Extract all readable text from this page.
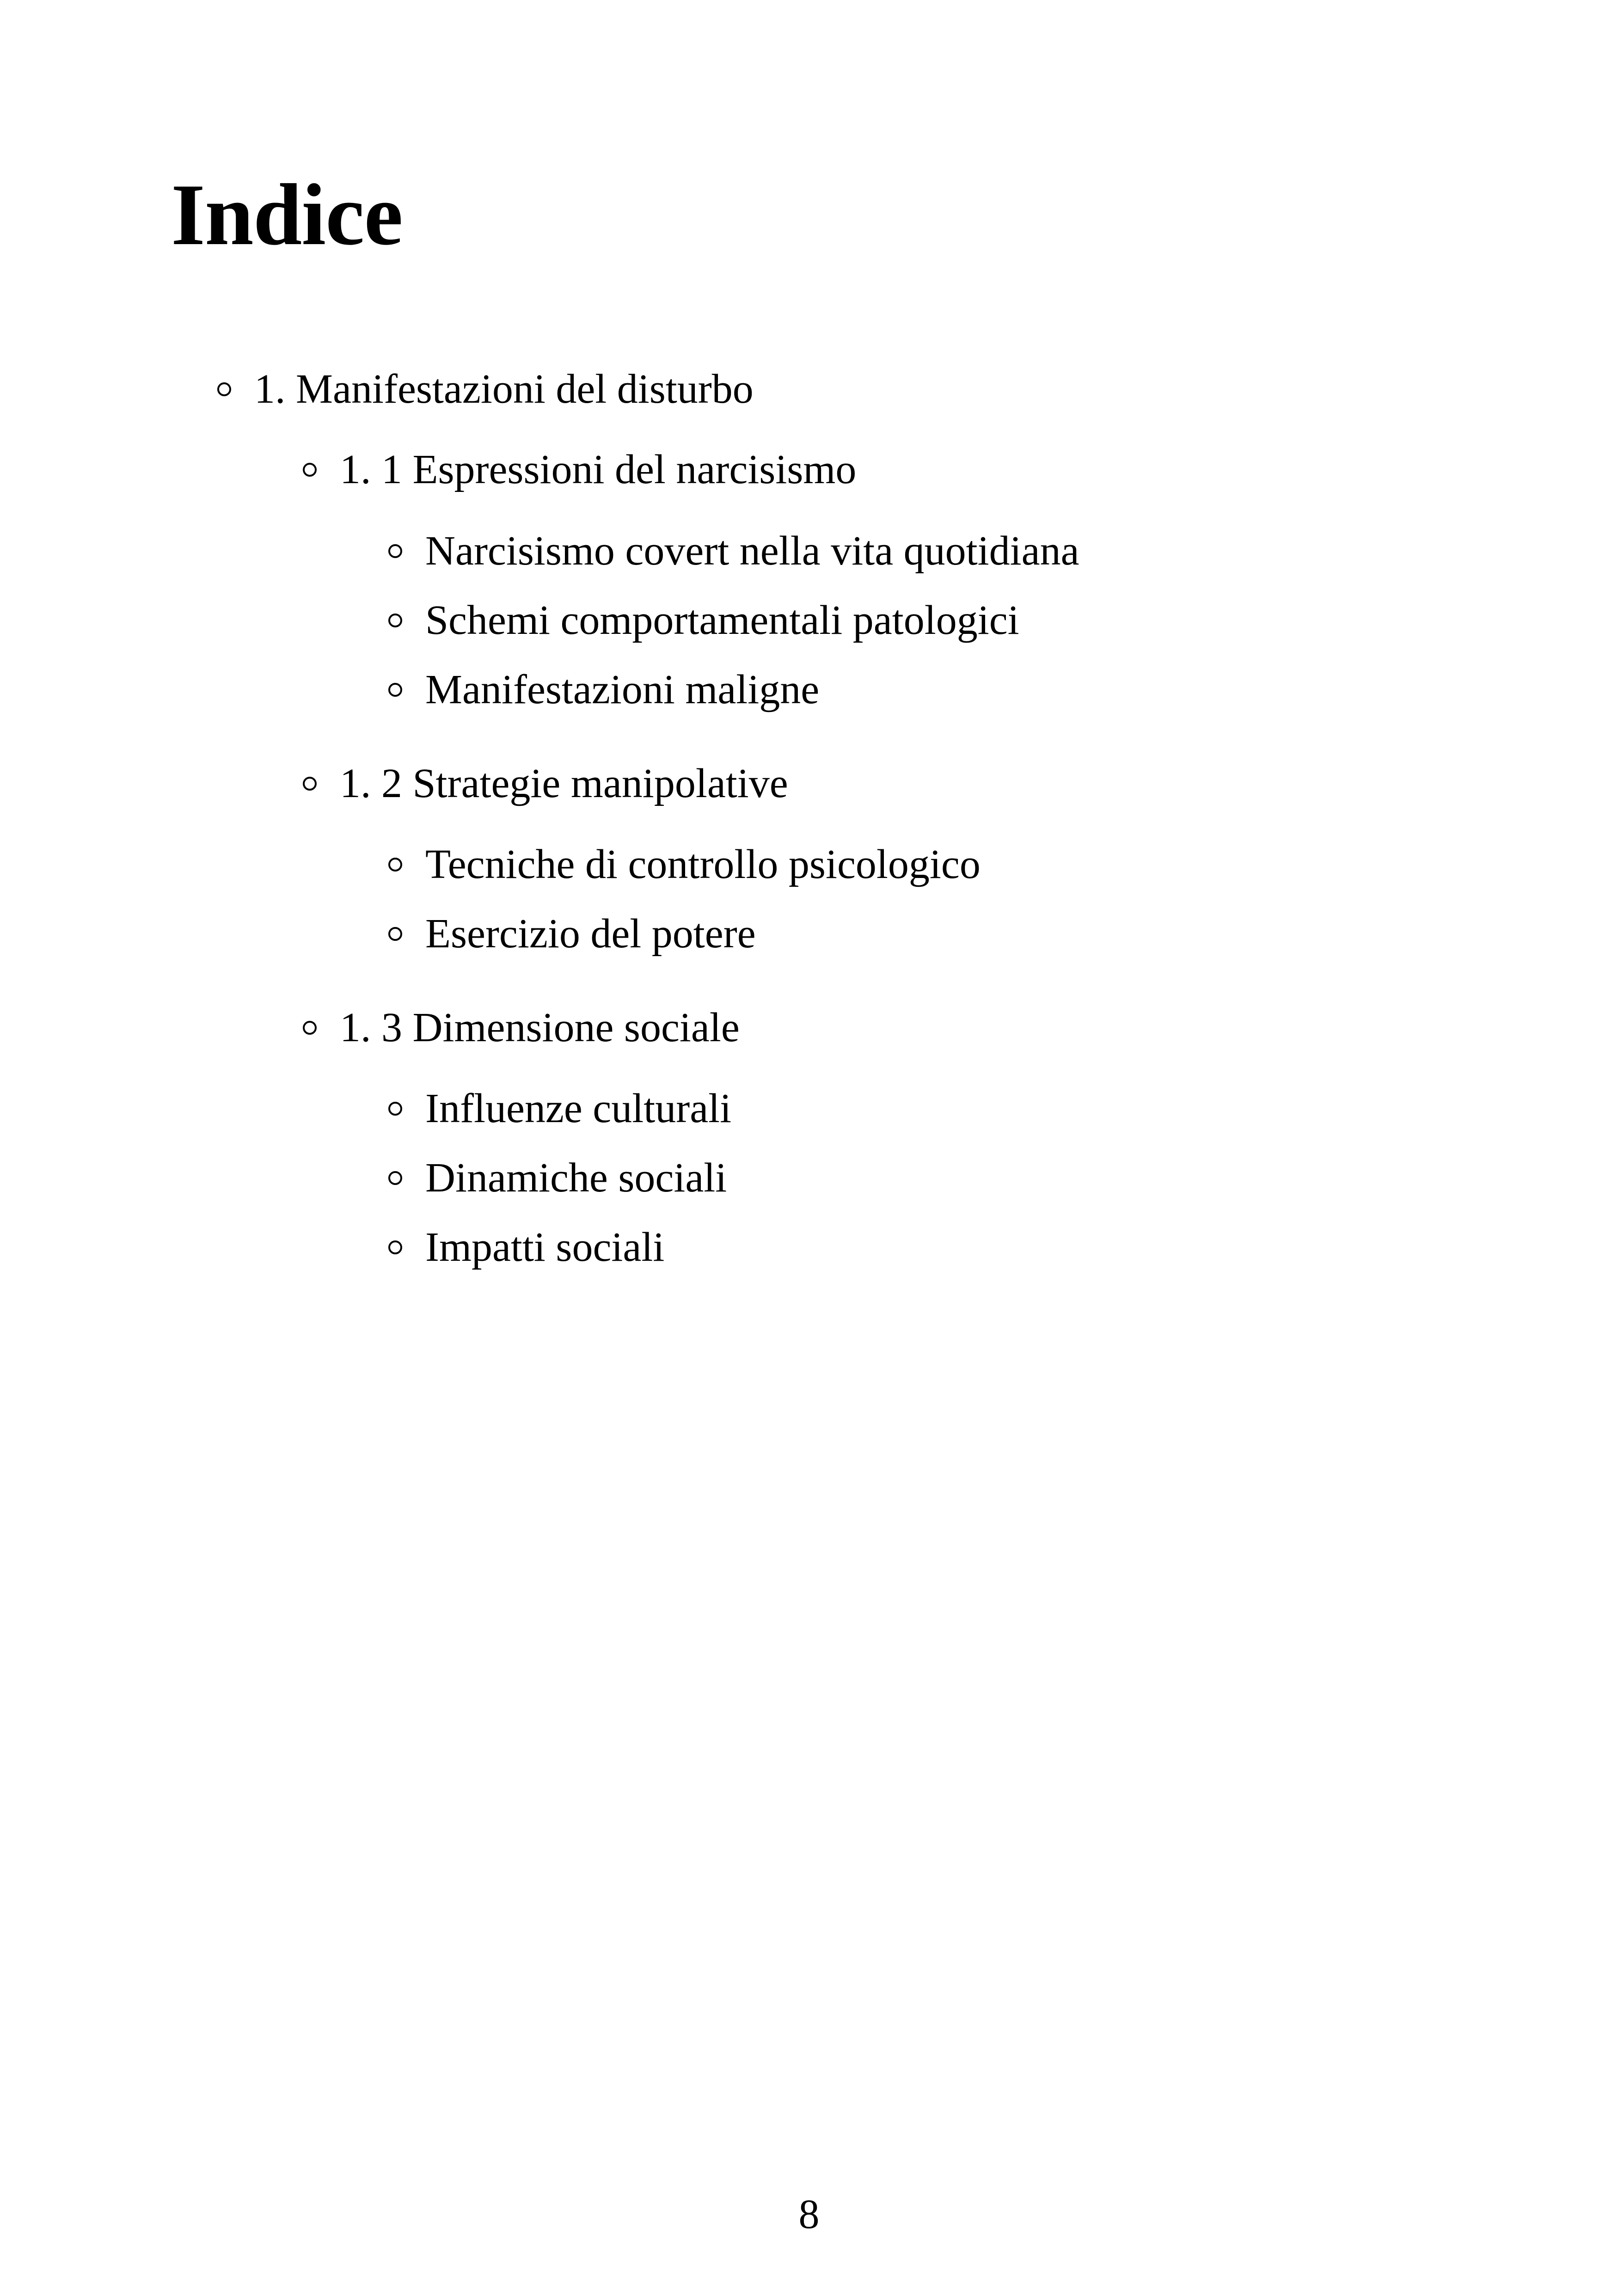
Indice
1. Manifestazioni del disturbo
1. 1 Espressioni del narcisismo
Narcisismo covert nella vita quotidiana
Schemi comportamentali patologici
Manifestazioni maligne
1. 2 Strategie manipolative
Tecniche di controllo psicologico
Esercizio del potere
1. 3 Dimensione sociale
Influenze culturali
Dinamiche sociali
Impatti sociali
8
